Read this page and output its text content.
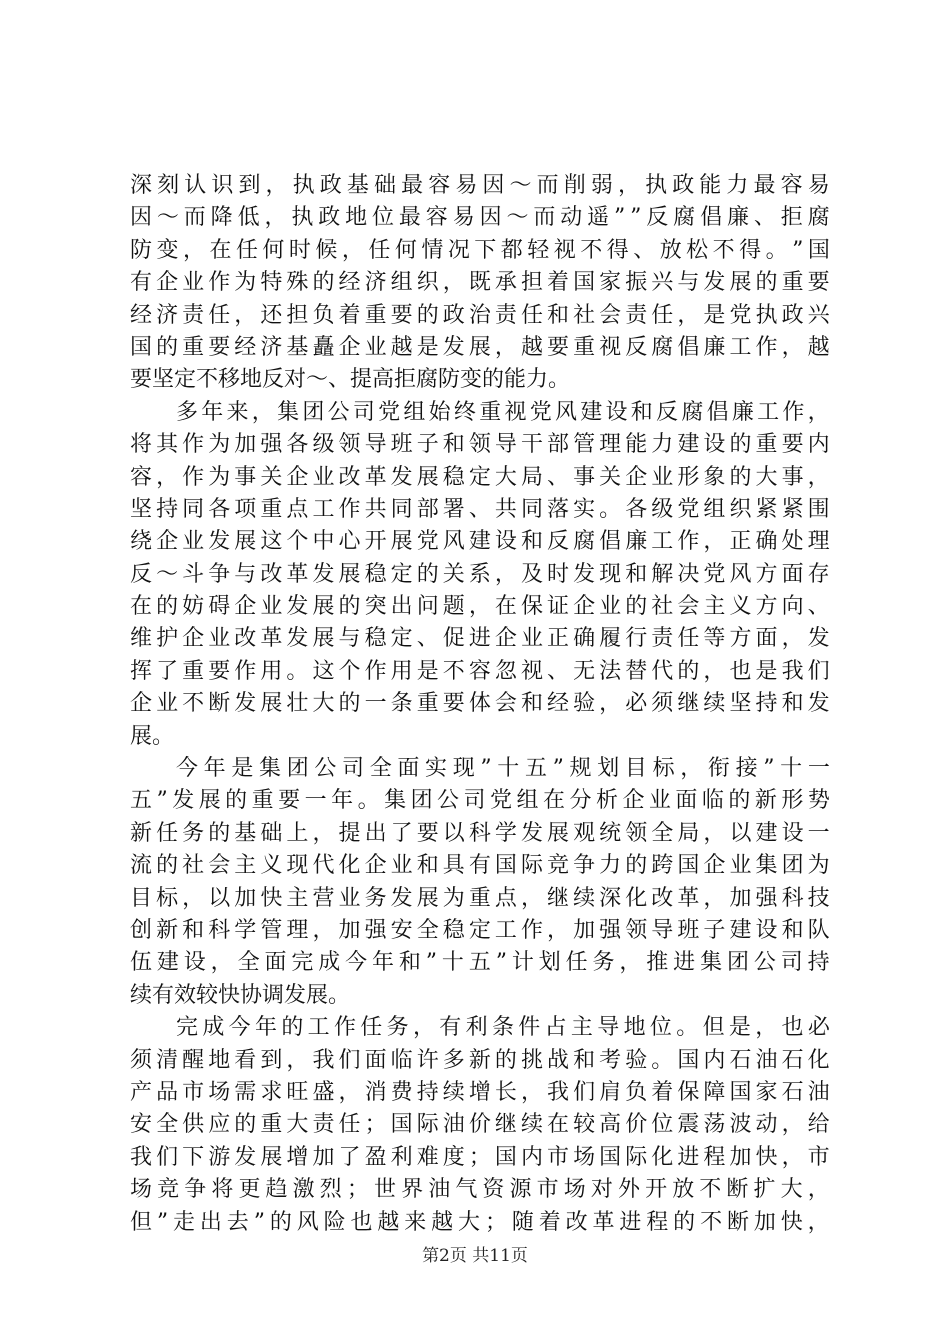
深 刻 认 识 到 ， 执 政 基 础 最 容 易 因 ～ 而 削 弱 ， 执 政 能 力 最 容 易
因 ～ 而 降 低 ， 执 政 地 位 最 容 易 因 ～ 而 动 遥 ” ” 反 腐 倡 廉 、 拒 腐
防 变 ， 在 任 何 时 候 ， 任 何 情 况 下 都 轻 视 不 得 、 放 松 不 得 。 ” 国
有 企 业 作 为 特 殊 的 经 济 组 织 ， 既 承 担 着 国 家 振 兴 与 发 展 的 重 要
经 济 责 任 ， 还 担 负 着 重 要 的 政 治 责 任 和 社 会 责 任 ， 是 党 执 政 兴
国 的 重 要 经 济 基 矗 企 业 越 是 发 展 ， 越 要 重 视 反 腐 倡 廉 工 作 ， 越
要坚定不移地反对～、提高拒腐防变的能力。
多 年 来 ， 集 团 公 司 党 组 始 终 重 视 党 风 建 设 和 反 腐 倡 廉 工 作 ，
将 其 作 为 加 强 各 级 领 导 班 子 和 领 导 干 部 管 理 能 力 建 设 的 重 要 内
容 ， 作 为 事 关 企 业 改 革 发 展 稳 定 大 局 、 事 关 企 业 形 象 的 大 事 ，
坚 持 同 各 项 重 点 工 作 共 同 部 署 、 共 同 落 实 。 各 级 党 组 织 紧 紧 围
绕 企 业 发 展 这 个 中 心 开 展 党 风 建 设 和 反 腐 倡 廉 工 作 ， 正 确 处 理
反 ～ 斗 争 与 改 革 发 展 稳 定 的 关 系 ， 及 时 发 现 和 解 决 党 风 方 面 存
在 的 妨 碍 企 业 发 展 的 突 出 问 题 ， 在 保 证 企 业 的 社 会 主 义 方 向 、
维 护 企 业 改 革 发 展 与 稳 定 、 促 进 企 业 正 确 履 行 责 任 等 方 面 ， 发
挥 了 重 要 作 用 。 这 个 作 用 是 不 容 忽 视 、 无 法 替 代 的 ， 也 是 我 们
企 业 不 断 发 展 壮 大 的 一 条 重 要 体 会 和 经 验 ， 必 须 继 续 坚 持 和 发
展。
今 年 是 集 团 公 司 全 面 实 现 ” 十 五 ” 规 划 目 标 ， 衔 接 ” 十 一
五 ” 发 展 的 重 要 一 年 。 集 团 公 司 党 组 在 分 析 企 业 面 临 的 新 形 势
新 任 务 的 基 础 上 ， 提 出 了 要 以 科 学 发 展 观 统 领 全 局 ， 以 建 设 一
流 的 社 会 主 义 现 代 化 企 业 和 具 有 国 际 竞 争 力 的 跨 国 企 业 集 团 为
目 标 ， 以 加 快 主 营 业 务 发 展 为 重 点 ， 继 续 深 化 改 革 ， 加 强 科 技
创 新 和 科 学 管 理 ， 加 强 安 全 稳 定 工 作 ， 加 强 领 导 班 子 建 设 和 队
伍 建 设 ， 全 面 完 成 今 年 和 ” 十 五 ” 计 划 任 务 ， 推 进 集 团 公 司 持
续有效较快协调发展。
完 成 今 年 的 工 作 任 务 ， 有 利 条 件 占 主 导 地 位 。 但 是 ， 也 必
须 清 醒 地 看 到 ， 我 们 面 临 许 多 新 的 挑 战 和 考 验 。 国 内 石 油 石 化
产 品 市 场 需 求 旺 盛 ， 消 费 持 续 增 长 ， 我 们 肩 负 着 保 障 国 家 石 油
安 全 供 应 的 重 大 责 任 ； 国 际 油 价 继 续 在 较 高 价 位 震 荡 波 动 ， 给
我 们 下 游 发 展 增 加 了 盈 利 难 度 ； 国 内 市 场 国 际 化 进 程 加 快 ， 市
场 竞 争 将 更 趋 激 烈 ； 世 界 油 气 资 源 市 场 对 外 开 放 不 断 扩 大 ，
但 ” 走 出 去 ” 的 风 险 也 越 来 越 大 ； 随 着 改 革 进 程 的 不 断 加 快 ，
第2页 共11页
